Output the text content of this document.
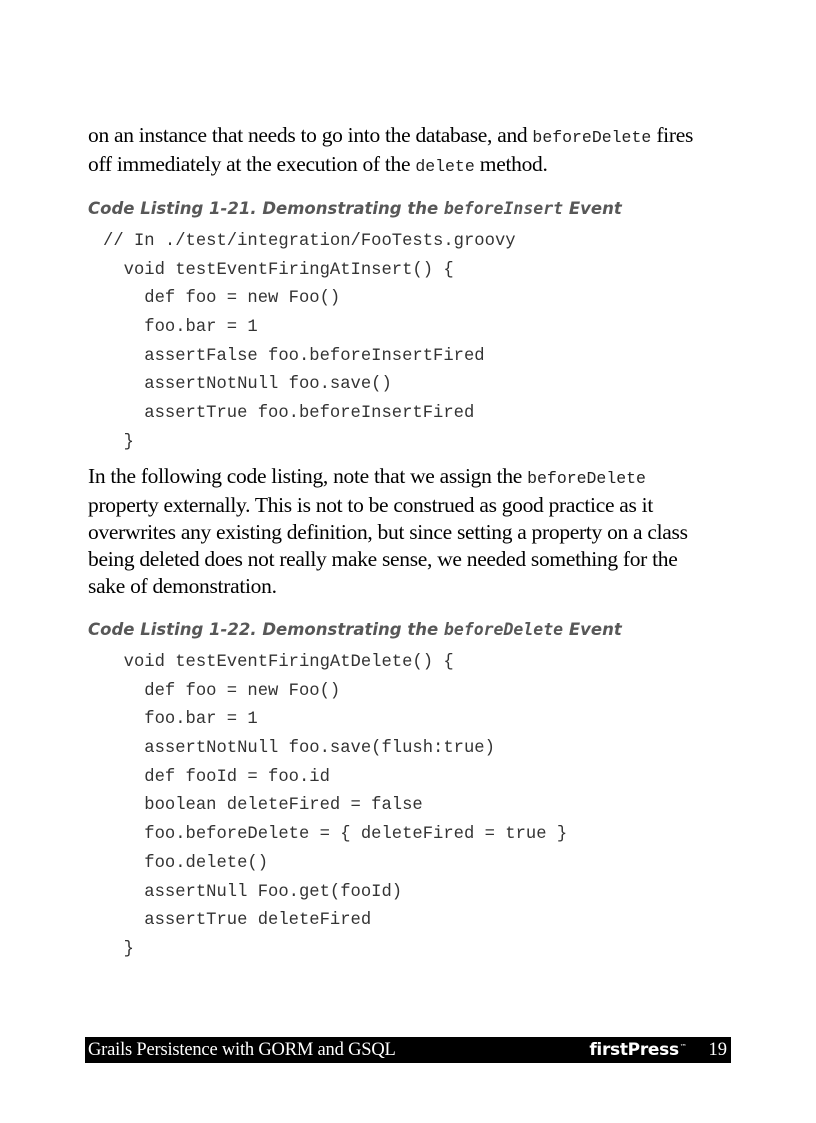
on an instance that needs to go into the database, and beforeDelete fires
off immediately at the execution of the delete method.

Code Listing 1-21. Demonstrating the beforeInsert Event

// In ./test/integration/FooTests.groovy
void testEventFiringAtInsert() {
def foo = new Foo()
foo.bar = 1
assertFalse foo.beforeInsertFired
assertNotNull foo.save()
assertTrue foo.beforeInsertFired
}

In the following code listing, note that we assign the beforeDelete
property externally. This is not to be construed as good practice as it
overwrites any existing definition, but since setting a property on a class
being deleted does not really make sense, we needed something for the
sake of demonstration.

Code Listing 1-22. Demonstrating the beforeDelete Event

void testEventFiringAtDelete() {
def foo = new Foo()
foo.bar = 1
assertNotNull foo.save(flush:true)
def fooId = foo.id
boolean deleteFired = false
foo.beforeDelete = { deleteFired = true }
foo.delete()
assertNull Foo.get(fooId)
assertTrue deleteFired
}
Grails Persistence with GORM and GSQL	firstPress™ 19
